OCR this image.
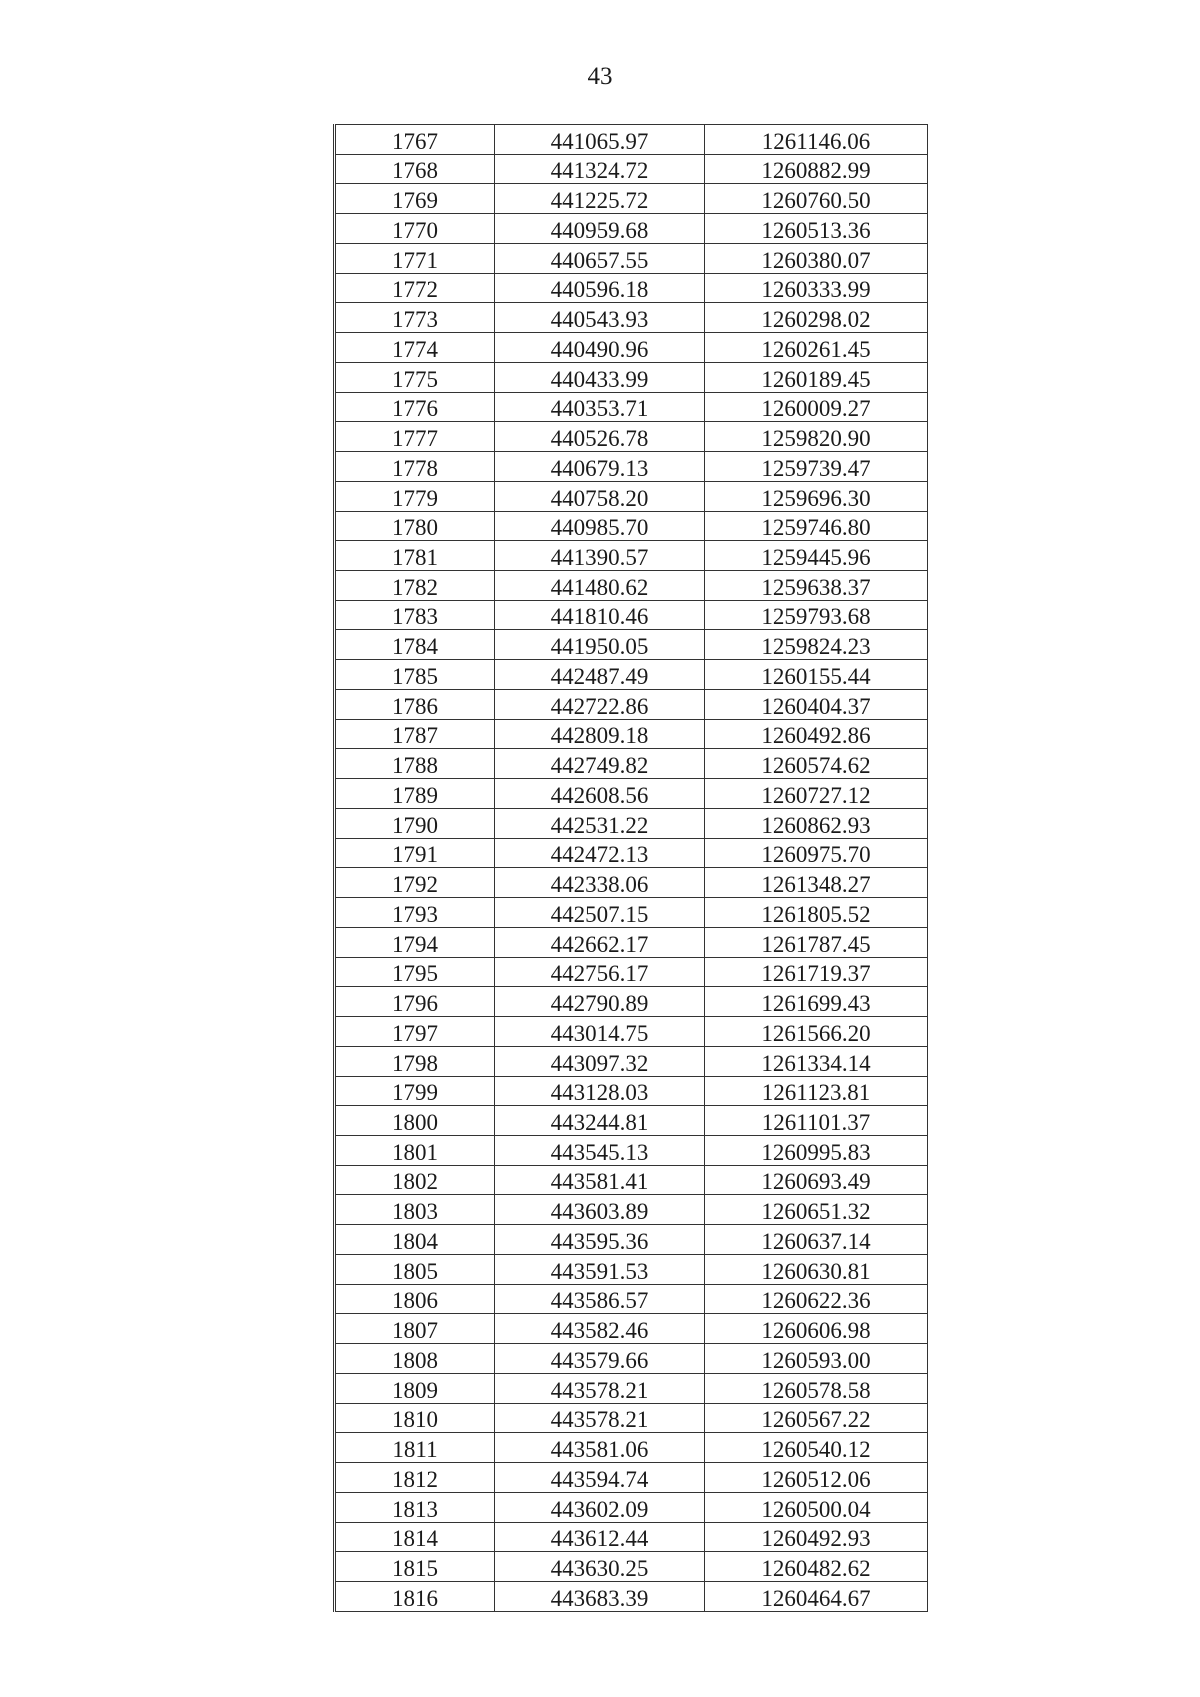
43
1767	441065.97	1261146.06
1768	441324.72	1260882.99
1769	441225.72	1260760.50
1770	440959.68	1260513.36
1771	440657.55	1260380.07
1772	440596.18	1260333.99
1773	440543.93	1260298.02
1774	440490.96	1260261.45
1775	440433.99	1260189.45
1776	440353.71	1260009.27
1777	440526.78	1259820.90
1778	440679.13	1259739.47
1779	440758.20	1259696.30
1780	440985.70	1259746.80
1781	441390.57	1259445.96
1782	441480.62	1259638.37
1783	441810.46	1259793.68
1784	441950.05	1259824.23
1785	442487.49	1260155.44
1786	442722.86	1260404.37
1787	442809.18	1260492.86
1788	442749.82	1260574.62
1789	442608.56	1260727.12
1790	442531.22	1260862.93
1791	442472.13	1260975.70
1792	442338.06	1261348.27
1793	442507.15	1261805.52
1794	442662.17	1261787.45
1795	442756.17	1261719.37
1796	442790.89	1261699.43
1797	443014.75	1261566.20
1798	443097.32	1261334.14
1799	443128.03	1261123.81
1800	443244.81	1261101.37
1801	443545.13	1260995.83
1802	443581.41	1260693.49
1803	443603.89	1260651.32
1804	443595.36	1260637.14
1805	443591.53	1260630.81
1806	443586.57	1260622.36
1807	443582.46	1260606.98
1808	443579.66	1260593.00
1809	443578.21	1260578.58
1810	443578.21	1260567.22
1811	443581.06	1260540.12
1812	443594.74	1260512.06
1813	443602.09	1260500.04
1814	443612.44	1260492.93
1815	443630.25	1260482.62
1816	443683.39	1260464.67
